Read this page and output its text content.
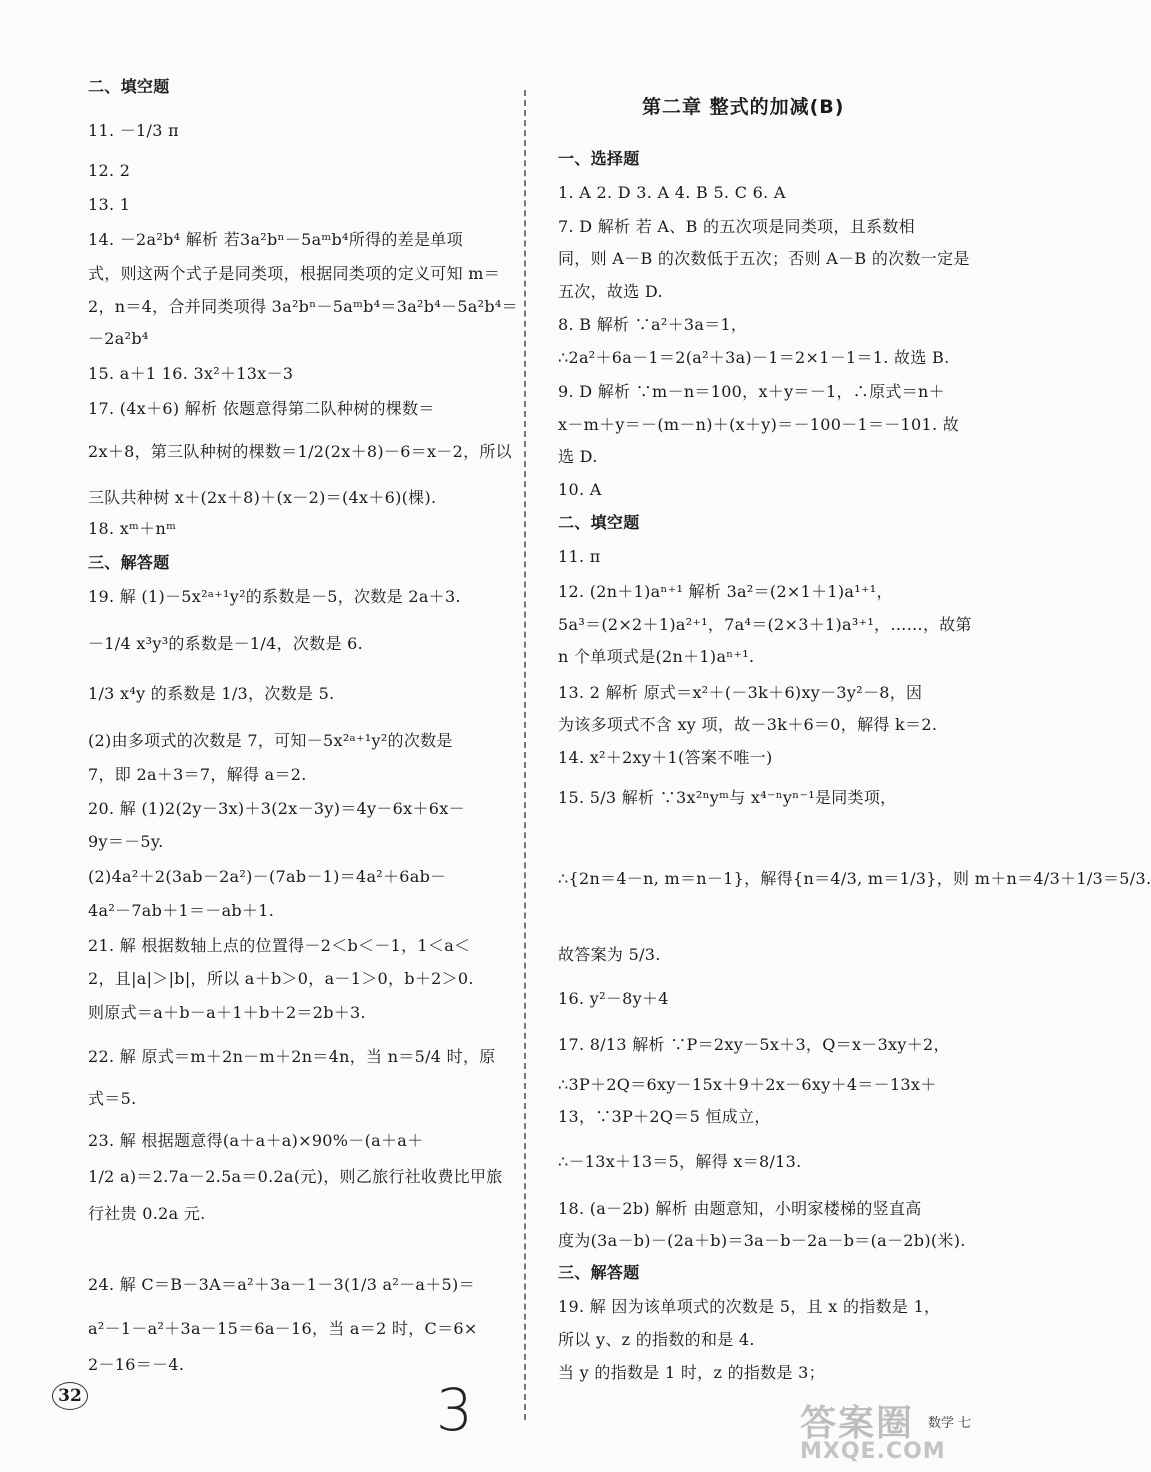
二、填空题
11. －1/3 π
12. 2
13. 1
14. －2a²b⁴ 解析 若3a²bⁿ－5aᵐb⁴所得的差是单项
式，则这两个式子是同类项，根据同类项的定义可知 m＝
2，n＝4，合并同类项得 3a²bⁿ－5aᵐb⁴＝3a²b⁴－5a²b⁴＝
－2a²b⁴
15. a＋1 16. 3x²＋13x－3
17. (4x＋6) 解析 依题意得第二队种树的棵数＝
2x＋8，第三队种树的棵数＝1/2(2x＋8)－6＝x－2，所以
三队共种树 x＋(2x＋8)＋(x－2)＝(4x＋6)(棵).
18. xᵐ＋nᵐ
三、解答题
19. 解 (1)－5x²ᵃ⁺¹y²的系数是－5，次数是 2a＋3.
－1/4 x³y³的系数是－1/4，次数是 6.
1/3 x⁴y 的系数是 1/3，次数是 5.
(2)由多项式的次数是 7，可知－5x²ᵃ⁺¹y²的次数是
7，即 2a＋3＝7，解得 a＝2.
20. 解 (1)2(2y－3x)＋3(2x－3y)＝4y－6x＋6x－
9y＝－5y.
(2)4a²＋2(3ab－2a²)－(7ab－1)＝4a²＋6ab－
4a²－7ab＋1＝－ab＋1.
21. 解 根据数轴上点的位置得－2＜b＜－1，1＜a＜
2，且|a|＞|b|，所以 a＋b＞0，a－1＞0，b＋2＞0.
则原式＝a＋b－a＋1＋b＋2＝2b＋3.
22. 解 原式＝m＋2n－m＋2n＝4n，当 n＝5/4 时，原
式＝5.
23. 解 根据题意得(a＋a＋a)×90%－(a＋a＋
1/2 a)＝2.7a－2.5a＝0.2a(元)，则乙旅行社收费比甲旅
行社贵 0.2a 元.
24. 解 C＝B－3A＝a²＋3a－1－3(1/3 a²－a＋5)＝
a²－1－a²＋3a－15＝6a－16，当 a＝2 时，C＝6×
2－16＝－4.
第二章 整式的加减(B)
一、选择题
1. A 2. D 3. A 4. B 5. C 6. A
7. D 解析 若 A、B 的五次项是同类项，且系数相
同，则 A－B 的次数低于五次；否则 A－B 的次数一定是
五次，故选 D.
8. B 解析 ∵a²＋3a＝1，
∴2a²＋6a－1＝2(a²＋3a)－1＝2×1－1＝1. 故选 B.
9. D 解析 ∵m－n＝100，x＋y＝－1，∴原式＝n＋
x－m＋y＝－(m－n)＋(x＋y)＝－100－1＝－101. 故
选 D.
10. A
二、填空题
11. π
12. (2n＋1)aⁿ⁺¹ 解析 3a²＝(2×1＋1)a¹⁺¹，
5a³＝(2×2＋1)a²⁺¹，7a⁴＝(2×3＋1)a³⁺¹，……，故第
n 个单项式是(2n＋1)aⁿ⁺¹.
13. 2 解析 原式＝x²＋(－3k＋6)xy－3y²－8，因
为该多项式不含 xy 项，故－3k＋6＝0，解得 k＝2.
14. x²＋2xy＋1(答案不唯一)
15. 5/3 解析 ∵3x²ⁿyᵐ与 x⁴⁻ⁿyⁿ⁻¹是同类项，
∴{2n＝4－n, m＝n－1}，解得{n＝4/3, m＝1/3}，则 m＋n＝4/3＋1/3＝5/3.
故答案为 5/3.
16. y²－8y＋4
17. 8/13 解析 ∵P＝2xy－5x＋3，Q＝x－3xy＋2，
∴3P＋2Q＝6xy－15x＋9＋2x－6xy＋4＝－13x＋
13，∵3P＋2Q＝5 恒成立，
∴－13x＋13＝5，解得 x＝8/13.
18. (a－2b) 解析 由题意知，小明家楼梯的竖直高
度为(3a－b)－(2a＋b)＝3a－b－2a－b＝(a－2b)(米).
三、解答题
19. 解 因为该单项式的次数是 5，且 x 的指数是 1，
所以 y、z 的指数的和是 4.
当 y 的指数是 1 时，z 的指数是 3；
32	3	答案圈
MXQE.COM
数学 七
